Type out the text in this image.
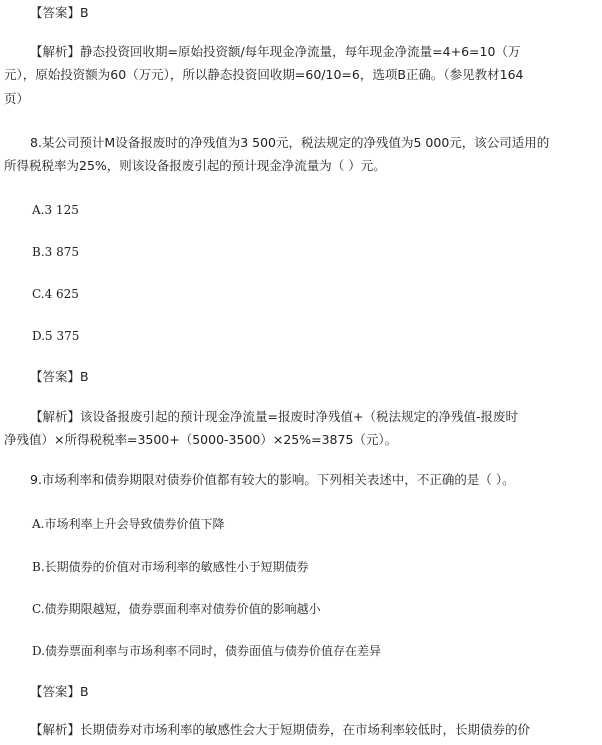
【答案】B
【解析】静态投资回收期=原始投资额/每年现金净流量，每年现金净流量=4+6=10（万
元），原始投资额为60（万元），所以静态投资回收期=60/10=6，选项B正确。（参见教材164
页）
8.某公司预计M设备报废时的净残值为3 500元，税法规定的净残值为5 000元，该公司适用的
所得税税率为25%，则该设备报废引起的预计现金净流量为（ ）元。
A.3 125
B.3 875
C.4 625
D.5 375
【答案】B
【解析】该设备报废引起的预计现金净流量=报废时净残值+（税法规定的净残值-报废时
净残值）×所得税税率=3500+（5000-3500）×25%=3875（元）。
9.市场利率和债券期限对债券价值都有较大的影响。下列相关表述中，不正确的是（ ）。
A.市场利率上升会导致债券价值下降
B.长期债券的价值对市场利率的敏感性小于短期债券
C.债券期限越短，债券票面利率对债券价值的影响越小
D.债券票面利率与市场利率不同时，债券面值与债券价值存在差异
【答案】B
【解析】长期债券对市场利率的敏感性会大于短期债券，在市场利率较低时，长期债券的价
